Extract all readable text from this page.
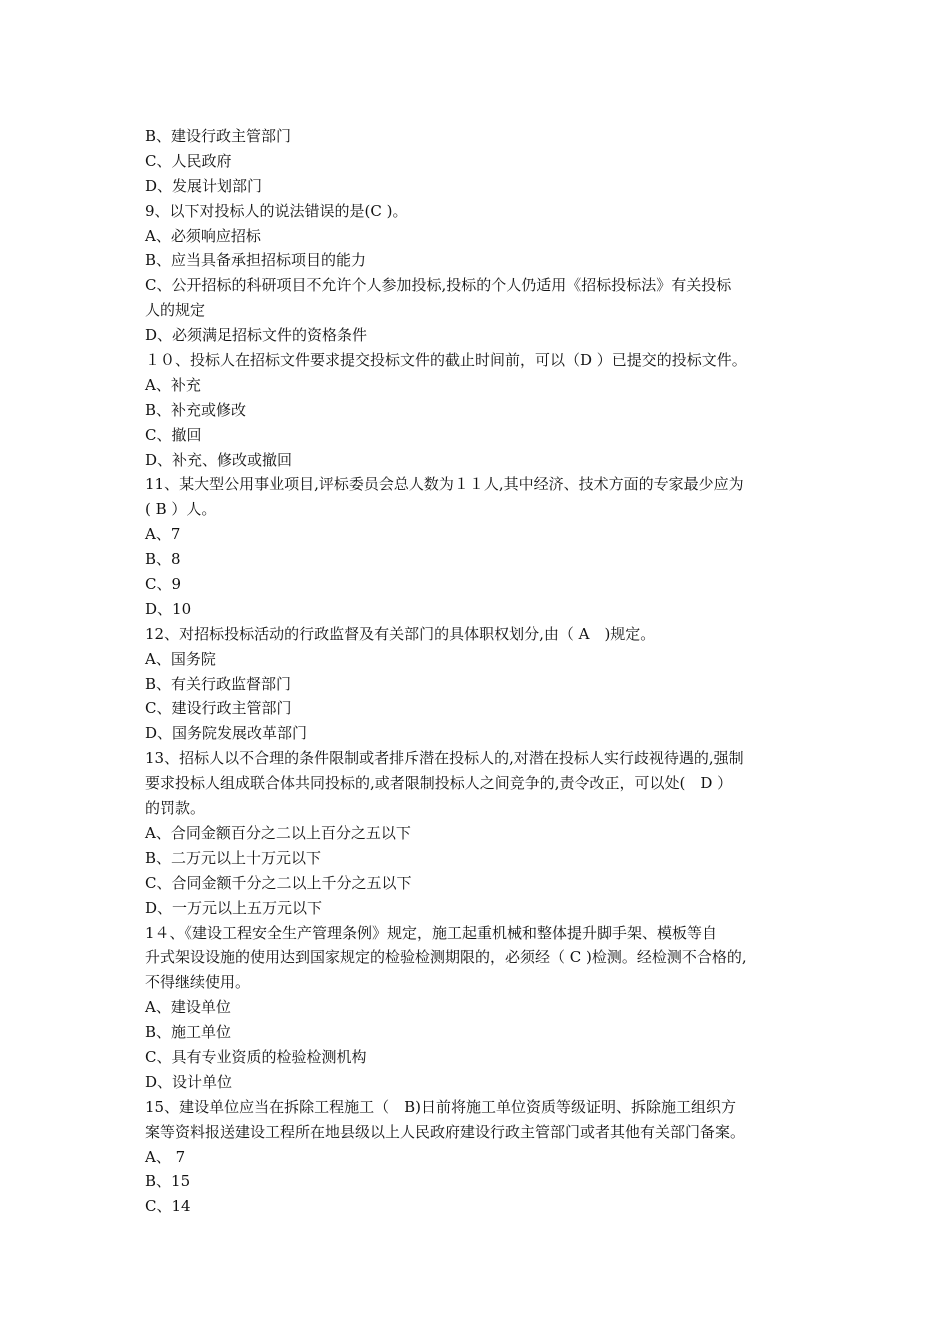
B、建设行政主管部门
C、人民政府
D、发展计划部门
9、以下对投标人的说法错误的是(C )。
A、必须响应招标
B、应当具备承担招标项目的能力
C、公开招标的科研项目不允许个人参加投标,投标的个人仍适用《招标投标法》有关投标
人的规定
D、必须满足招标文件的资格条件
１０、投标人在招标文件要求提交投标文件的截止时间前，可以（D ）已提交的投标文件。
A、补充
B、补充或修改
C、撤回
D、补充、修改或撤回
11、某大型公用事业项目,评标委员会总人数为１１人,其中经济、技术方面的专家最少应为
( B ）人。
A、7
B、8
C、9
D、10
12、对招标投标活动的行政监督及有关部门的具体职权划分,由（ A　)规定。
A、国务院
B、有关行政监督部门
C、建设行政主管部门
D、国务院发展改革部门
13、招标人以不合理的条件限制或者排斥潜在投标人的,对潜在投标人实行歧视待遇的,强制
要求投标人组成联合体共同投标的,或者限制投标人之间竞争的,责令改正，可以处(　D ）
的罚款。
A、合同金额百分之二以上百分之五以下
B、二万元以上十万元以下
C、合同金额千分之二以上千分之五以下
D、一万元以上五万元以下
1４、《建设工程安全生产管理条例》规定，施工起重机械和整体提升脚手架、模板等自
升式架设设施的使用达到国家规定的检验检测期限的，必须经（ C )检测。经检测不合格的,
不得继续使用。
A、建设单位
B、施工单位
C、具有专业资质的检验检测机构
D、设计单位
15、建设单位应当在拆除工程施工（　B)日前将施工单位资质等级证明、拆除施工组织方
案等资料报送建设工程所在地县级以上人民政府建设行政主管部门或者其他有关部门备案。
A、 7
B、15
C、14
